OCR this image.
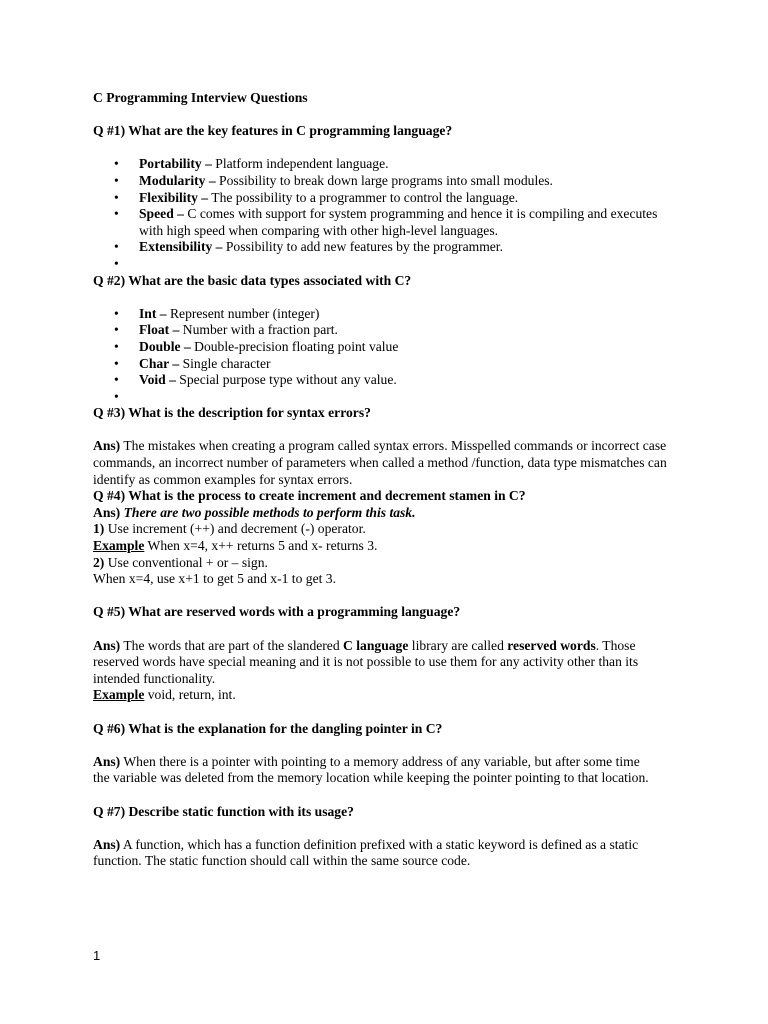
C Programming Interview Questions

Q #1) What are the key features in C programming language?

• Portability – Platform independent language.
• Modularity – Possibility to break down large programs into small modules.
• Flexibility – The possibility to a programmer to control the language.
• Speed – C comes with support for system programming and hence it is compiling and executes with high speed when comparing with other high-level languages.
• Extensibility – Possibility to add new features by the programmer.
•

Q #2) What are the basic data types associated with C?

• Int – Represent number (integer)
• Float – Number with a fraction part.
• Double – Double-precision floating point value
• Char – Single character
• Void – Special purpose type without any value.
•

Q #3) What is the description for syntax errors?

Ans) The mistakes when creating a program called syntax errors. Misspelled commands or incorrect case commands, an incorrect number of parameters when called a method /function, data type mismatches can identify as common examples for syntax errors.

Q #4) What is the process to create increment and decrement stamen in C?

Ans) There are two possible methods to perform this task.

1) Use increment (++) and decrement (-) operator.

Example When x=4, x++ returns 5 and x- returns 3.

2) Use conventional + or – sign.

When x=4, use x+1 to get 5 and x-1 to get 3.

Q #5) What are reserved words with a programming language?

Ans) The words that are part of the slandered C language library are called reserved words. Those reserved words have special meaning and it is not possible to use them for any activity other than its intended functionality.

Example void, return, int.

Q #6) What is the explanation for the dangling pointer in C?

Ans) When there is a pointer with pointing to a memory address of any variable, but after some time the variable was deleted from the memory location while keeping the pointer pointing to that location.

Q #7) Describe static function with its usage?

Ans) A function, which has a function definition prefixed with a static keyword is defined as a static function. The static function should call within the same source code.

1
